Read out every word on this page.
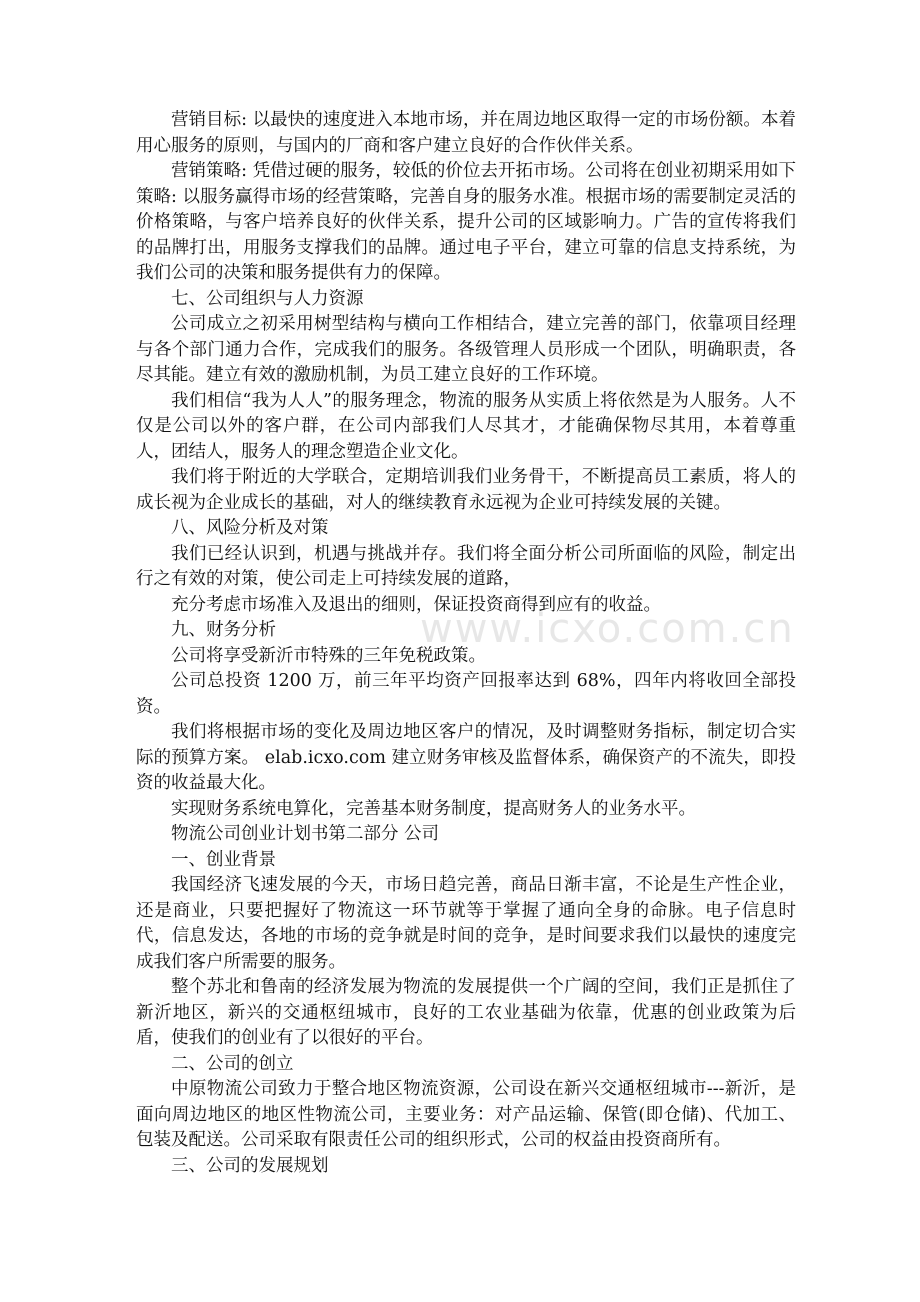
www.icxo.com.cn

营销目标: 以最快的速度进入本地市场，并在周边地区取得一定的市场份额。本着用心服务的原则，与国内的厂商和客户建立良好的合作伙伴关系。

营销策略: 凭借过硬的服务，较低的价位去开拓市场。公司将在创业初期采用如下策略: 以服务赢得市场的经营策略，完善自身的服务水准。根据市场的需要制定灵活的价格策略，与客户培养良好的伙伴关系，提升公司的区域影响力。广告的宣传将我们的品牌打出，用服务支撑我们的品牌。通过电子平台，建立可靠的信息支持系统，为我们公司的决策和服务提供有力的保障。

七、公司组织与人力资源

公司成立之初采用树型结构与横向工作相结合，建立完善的部门，依靠项目经理与各个部门通力合作，完成我们的服务。各级管理人员形成一个团队，明确职责，各尽其能。建立有效的激励机制，为员工建立良好的工作环境。

我们相信“我为人人”的服务理念，物流的服务从实质上将依然是为人服务。人不仅是公司以外的客户群，在公司内部我们人尽其才，才能确保物尽其用，本着尊重人，团结人，服务人的理念塑造企业文化。

我们将于附近的大学联合，定期培训我们业务骨干，不断提高员工素质，将人的成长视为企业成长的基础，对人的继续教育永远视为企业可持续发展的关键。

八、风险分析及对策

我们已经认识到，机遇与挑战并存。我们将全面分析公司所面临的风险，制定出行之有效的对策，使公司走上可持续发展的道路，

充分考虑市场准入及退出的细则，保证投资商得到应有的收益。

九、财务分析

公司将享受新沂市特殊的三年免税政策。

公司总投资 1200 万，前三年平均资产回报率达到 68%，四年内将收回全部投资。

我们将根据市场的变化及周边地区客户的情况，及时调整财务指标，制定切合实际的预算方案。 elab.icxo.com 建立财务审核及监督体系，确保资产的不流失，即投资的收益最大化。

实现财务系统电算化，完善基本财务制度，提高财务人的业务水平。

物流公司创业计划书第二部分 公司

一、创业背景

我国经济飞速发展的今天，市场日趋完善，商品日渐丰富，不论是生产性企业，还是商业，只要把握好了物流这一环节就等于掌握了通向全身的命脉。电子信息时代，信息发达，各地的市场的竞争就是时间的竞争，是时间要求我们以最快的速度完成我们客户所需要的服务。

整个苏北和鲁南的经济发展为物流的发展提供一个广阔的空间，我们正是抓住了新沂地区，新兴的交通枢纽城市，良好的工农业基础为依靠，优惠的创业政策为后盾，使我们的创业有了以很好的平台。

二、公司的创立

中原物流公司致力于整合地区物流资源，公司设在新兴交通枢纽城市---新沂，是面向周边地区的地区性物流公司，主要业务：对产品运输、保管(即仓储)、代加工、包装及配送。公司采取有限责任公司的组织形式，公司的权益由投资商所有。

三、公司的发展规划
